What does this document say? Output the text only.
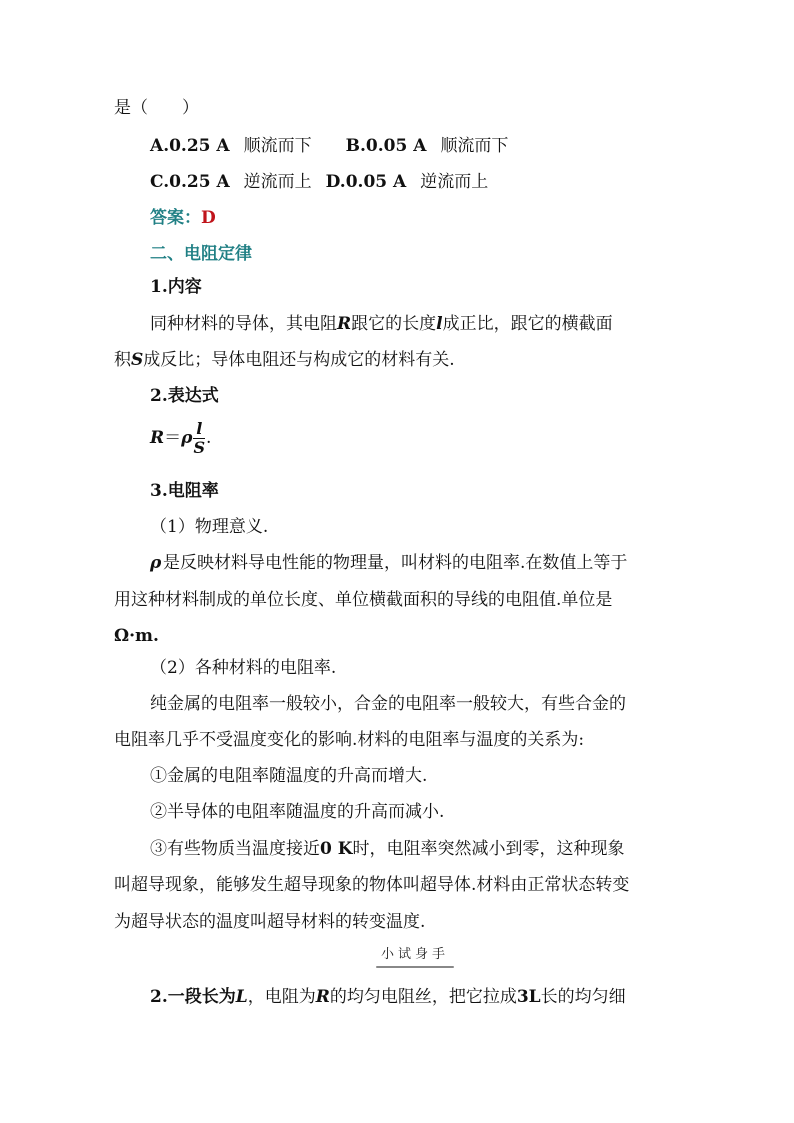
是（　　）
A.0.25 A 顺流而下 B.0.05 A 顺流而下
C.0.25 A 逆流而上 D.0.05 A 逆流而上
答案：D
二、电阻定律
1.内容
同种材料的导体，其电阻R跟它的长度l成正比，跟它的横截面
积S成反比；导体电阻还与构成它的材料有关.
2.表达式
$R=\rho \frac{l}{S}$ .
3.电阻率
（1）物理意义.
ρ  是反映材料导电性能的物理量，叫材料的电阻率.在数值上等于
用这种材料制成的单位长度、单位横截面积的导线的电阻值.单位是
Ω·m.
（2）各种材料的电阻率.
纯金属的电阻率一般较小，合金的电阻率一般较大，有些合金的
电阻率几乎不受温度变化的影响.材料的电阻率与温度的关系为:
①金属的电阻率随温度的升高而增大.
②半导体的电阻率随温度的升高而减小.
③有些物质当温度接近0 K时，电阻率突然减小到零，这种现象
叫超导现象，能够发生超导现象的物体叫超导体.材料由正常状态转变
为超导状态的温度叫超导材料的转变温度.
小试身手
2.一段长为L，电阻为R的均匀电阻丝，把它拉成3L长的均匀细
